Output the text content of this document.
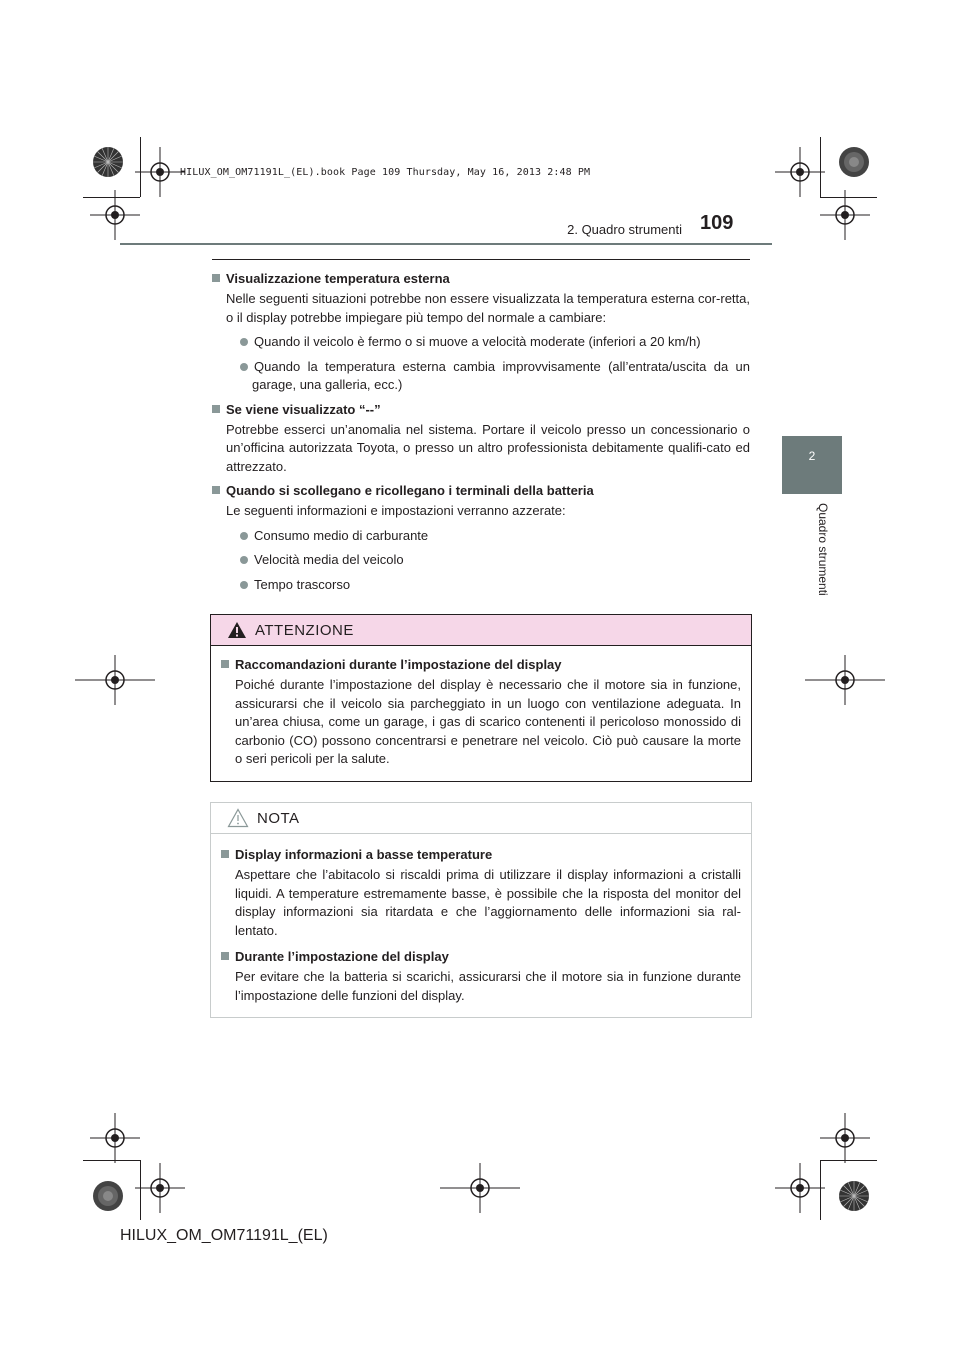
HILUX_OM_OM71191L_(EL).book Page 109 Thursday, May 16, 2013 2:48 PM
2. Quadro strumenti 109
2
Quadro strumenti

Visualizzazione temperatura esterna

Nelle seguenti situazioni potrebbe non essere visualizzata la temperatura esterna cor-retta, o il display potrebbe impiegare più tempo del normale a cambiare:

Quando il veicolo è fermo o si muove a velocità moderate (inferiori a 20 km/h)

Quando la temperatura esterna cambia improvvisamente (all’entrata/uscita da un garage, una galleria, ecc.)

Se viene visualizzato “--”

Potrebbe esserci un’anomalia nel sistema. Portare il veicolo presso un concessionario o un’officina autorizzata Toyota, o presso un altro professionista debitamente qualifi-cato ed attrezzato.

Quando si scollegano e ricollegano i terminali della batteria

Le seguenti informazioni e impostazioni verranno azzerate:

Consumo medio di carburante

Velocità media del veicolo

Tempo trascorso

ATTENZIONE

Raccomandazioni durante l’impostazione del display

Poiché durante l’impostazione del display è necessario che il motore sia in funzione, assicurarsi che il veicolo sia parcheggiato in un luogo con ventilazione adeguata. In un’area chiusa, come un garage, i gas di scarico contenenti il pericoloso monossido di carbonio (CO) possono concentrarsi e penetrare nel veicolo. Ciò può causare la morte o seri pericoli per la salute.

NOTA

Display informazioni a basse temperature

Aspettare che l’abitacolo si riscaldi prima di utilizzare il display informazioni a cristalli liquidi. A temperature estremamente basse, è possibile che la risposta del monitor del display informazioni sia ritardata e che l’aggiornamento delle informazioni sia ral-lentato.

Durante l’impostazione del display

Per evitare che la batteria si scarichi, assicurarsi che il motore sia in funzione durante l’impostazione delle funzioni del display.

HILUX_OM_OM71191L_(EL)
